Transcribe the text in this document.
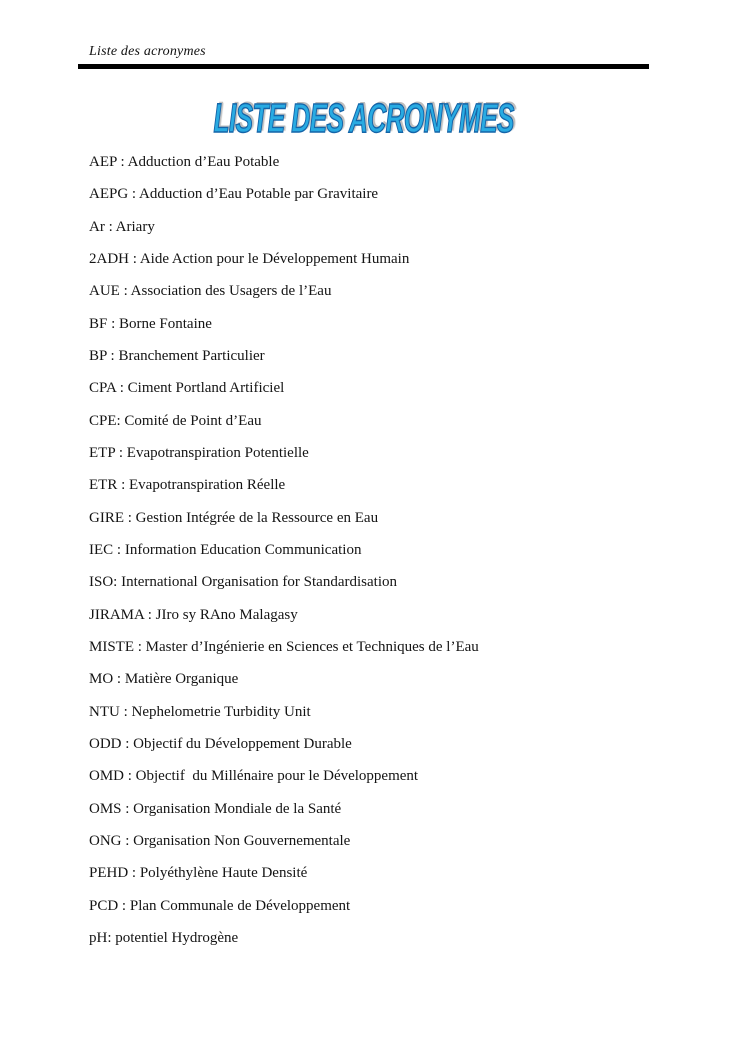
Liste des acronymes
LISTE DES ACRONYMES

AEP : Adduction d’Eau Potable

AEPG : Adduction d’Eau Potable par Gravitaire

Ar : Ariary

2ADH : Aide Action pour le Développement Humain

AUE : Association des Usagers de l’Eau

BF : Borne Fontaine

BP : Branchement Particulier

CPA : Ciment Portland Artificiel

CPE: Comité de Point d’Eau

ETP : Evapotranspiration Potentielle

ETR : Evapotranspiration Réelle

GIRE : Gestion Intégrée de la Ressource en Eau

IEC : Information Education Communication

ISO: International Organisation for Standardisation

JIRAMA : JIro sy RAno Malagasy

MISTE : Master d’Ingénierie en Sciences et Techniques de l’Eau

MO : Matière Organique

NTU : Nephelometrie Turbidity Unit

ODD : Objectif du Développement Durable

OMD : Objectif  du Millénaire pour le Développement

OMS : Organisation Mondiale de la Santé

ONG : Organisation Non Gouvernementale

PEHD : Polyéthylène Haute Densité

PCD : Plan Communale de Développement

pH: potentiel Hydrogène
